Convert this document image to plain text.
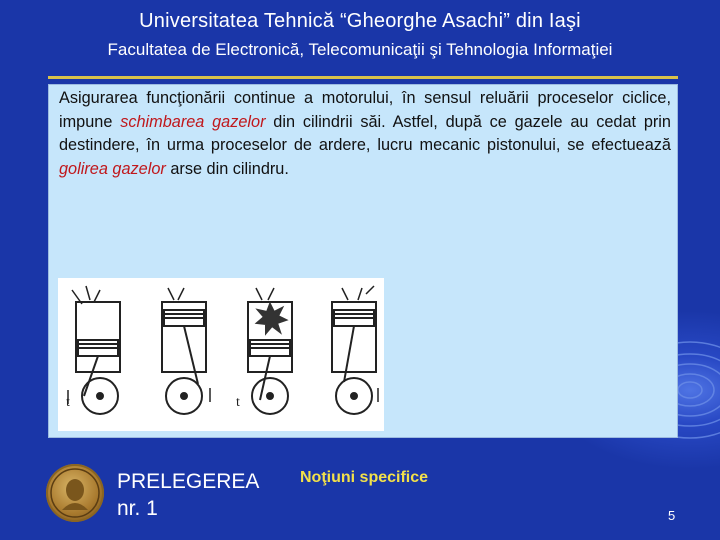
Universitatea Tehnică “Gheorghe Asachi” din Iaşi
Facultatea de Electronică, Telecomunicaţii şi Tehnologia Informaţiei

Asigurarea funcţionării continue a motorului, în sensul reluării proceselor ciclice, impune schimbarea gazelor din cilindrii săi. Astfel, după ce gazele au cedat prin destindere, în urma proceselor de ardere, lucru mecanic pistonului, se efectuează golirea gazelor arse din cilindru.

t	t
PRELEGEREA
nr. 1
Noţiuni specifice
5
